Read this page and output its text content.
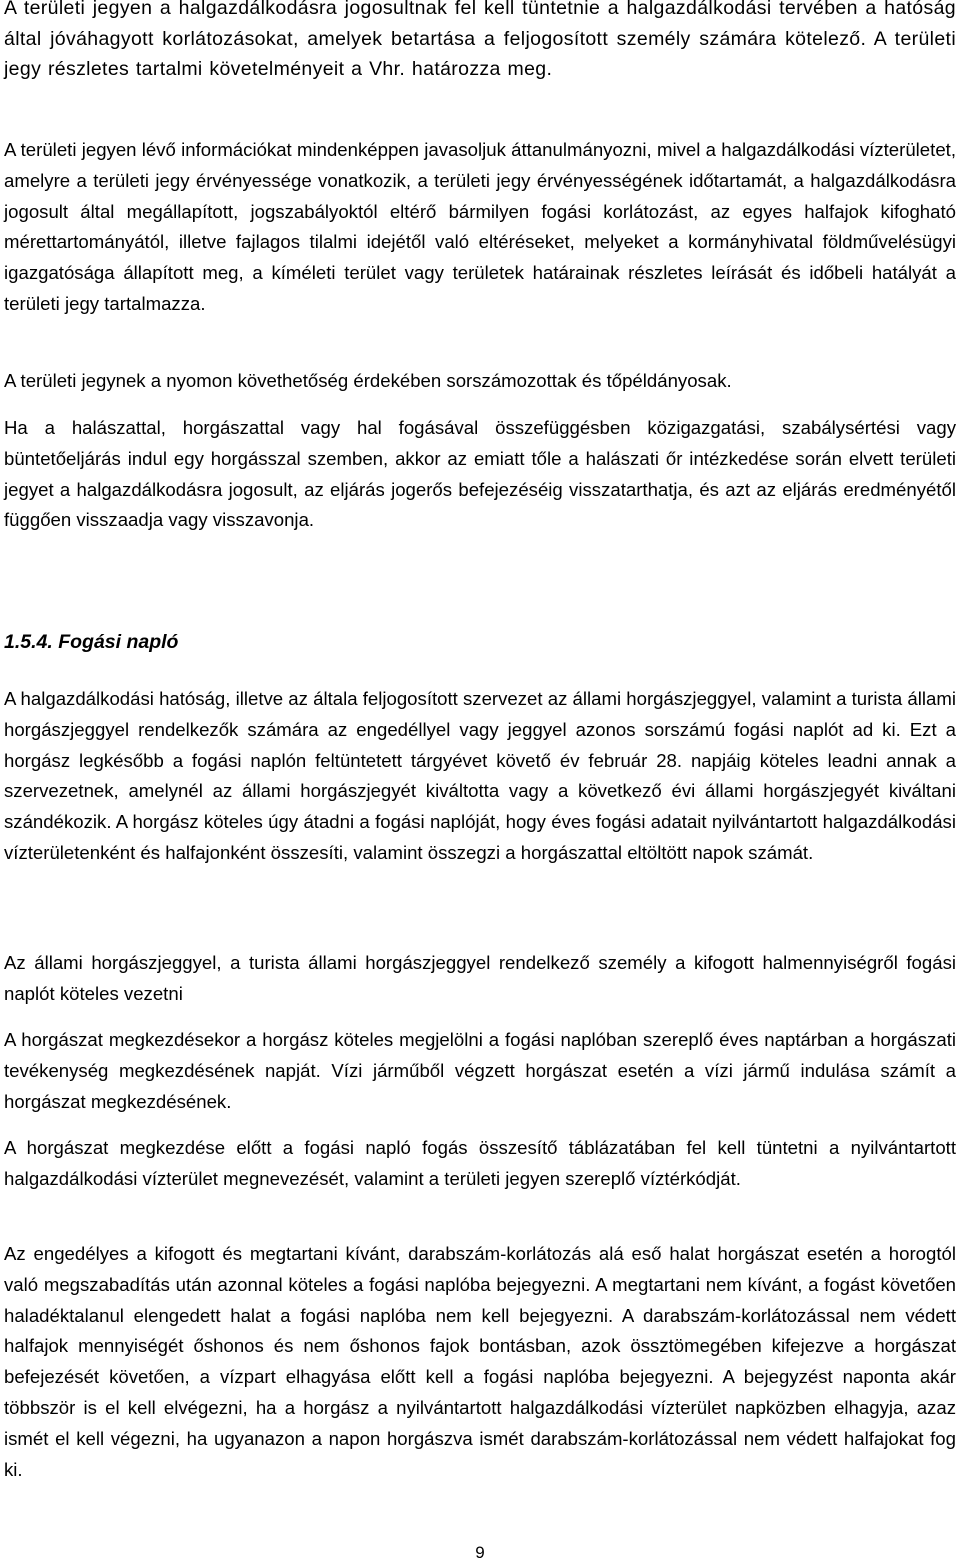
A területi jegyen a halgazdálkodásra jogosultnak fel kell tüntetnie a halgazdálkodási tervében a hatóság által jóváhagyott korlátozásokat, amelyek betartása a feljogosított személy számára kötelező. A területi jegy részletes tartalmi követelményeit a Vhr. határozza meg.

A területi jegyen lévő információkat mindenképpen javasoljuk áttanulmányozni, mivel a halgazdálkodási vízterületet, amelyre a területi jegy érvényessége vonatkozik, a területi jegy érvényességének időtartamát, a halgazdálkodásra jogosult által megállapított, jogszabályoktól eltérő bármilyen fogási korlátozást, az egyes halfajok kifogható mérettartományától, illetve fajlagos tilalmi idejétől való eltéréseket, melyeket a kormányhivatal földművelésügyi igazgatósága állapított meg, a kíméleti terület vagy területek határainak részletes leírását és időbeli hatályát a területi jegy tartalmazza.

A területi jegynek a nyomon követhetőség érdekében sorszámozottak és tőpéldányosak.

Ha a halászattal, horgászattal vagy hal fogásával összefüggésben közigazgatási, szabálysértési vagy büntetőeljárás indul egy horgásszal szemben, akkor az emiatt tőle a halászati őr intézkedése során elvett területi jegyet a halgazdálkodásra jogosult, az eljárás jogerős befejezéséig visszatarthatja, és azt az eljárás eredményétől függően visszaadja vagy visszavonja.

1.5.4. Fogási napló

A halgazdálkodási hatóság, illetve az általa feljogosított szervezet az állami horgászjeggyel, valamint a turista állami horgászjeggyel rendelkezők számára az engedéllyel vagy jeggyel azonos sorszámú fogási naplót ad ki. Ezt a horgász legkésőbb a fogási naplón feltüntetett tárgyévet követő év február 28. napjáig köteles leadni annak a szervezetnek, amelynél az állami horgászjegyét kiváltotta vagy a következő évi állami horgászjegyét kiváltani szándékozik. A horgász köteles úgy átadni a fogási naplóját, hogy éves fogási adatait nyilvántartott halgazdálkodási vízterületenként és halfajonként összesíti, valamint összegzi a horgászattal eltöltött napok számát.

Az állami horgászjeggyel, a turista állami horgászjeggyel rendelkező személy a kifogott halmennyiségről fogási naplót köteles vezetni

A horgászat megkezdésekor a horgász köteles megjelölni a fogási naplóban szereplő éves naptárban a horgászati tevékenység megkezdésének napját. Vízi járműből végzett horgászat esetén a vízi jármű indulása számít a horgászat megkezdésének.

A horgászat megkezdése előtt a fogási napló fogás összesítő táblázatában fel kell tüntetni a nyilvántartott halgazdálkodási vízterület megnevezését, valamint a területi jegyen szereplő víztérkódját.

Az engedélyes a kifogott és megtartani kívánt, darabszám-korlátozás alá eső halat horgászat esetén a horogtól való megszabadítás után azonnal köteles a fogási naplóba bejegyezni. A megtartani nem kívánt, a fogást követően haladéktalanul elengedett halat a fogási naplóba nem kell bejegyezni. A darabszám-korlátozással nem védett halfajok mennyiségét őshonos és nem őshonos fajok bontásban, azok össztömegében kifejezve a horgászat befejezését követően, a vízpart elhagyása előtt kell a fogási naplóba bejegyezni. A bejegyzést naponta akár többször is el kell elvégezni, ha a horgász a nyilvántartott halgazdálkodási vízterület napközben elhagyja, azaz ismét el kell végezni, ha ugyanazon a napon horgászva ismét darabszám-korlátozással nem védett halfajokat fog ki.

9
